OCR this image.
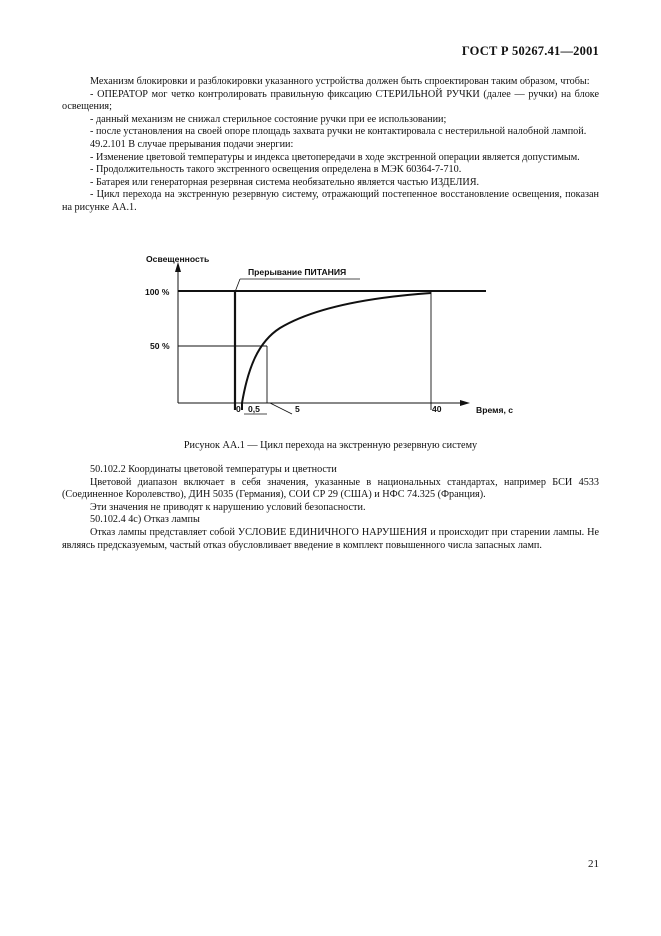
ГОСТ Р 50267.41—2001

Механизм блокировки и разблокировки указанного устройства должен быть спроектирован таким образом, чтобы:

- ОПЕРАТОР мог четко контролировать правильную фиксацию СТЕРИЛЬНОЙ РУЧКИ (далее — ручки) на блоке освещения;

- данный механизм не снижал стерильное состояние ручки при ее использовании;

- после установления на своей опоре площадь захвата ручки не контактировала с нестерильной налобной лампой.

49.2.101 В случае прерывания подачи энергии:

- Изменение цветовой температуры и индекса цветопередачи в ходе экстренной операции является допустимым.

- Продолжительность такого экстренного освещения определена в МЭК 60364-7-710.

- Батарея или генераторная резервная система необязательно является частью ИЗДЕЛИЯ.

- Цикл перехода на экстренную резервную систему, отражающий постепенное восстановление освещения, показан на рисунке АА.1.

Освещенность
Время, с
Прерывание ПИТАНИЯ
100 %
50 %
0 0,5	5	40
Рисунок АА.1 — Цикл перехода на экстренную резервную систему

50.102.2 Координаты цветовой температуры и цветности

Цветовой диапазон включает в себя значения, указанные в национальных стандартах, например БСИ 4533 (Соединенное Королевство), ДИН 5035 (Германия), СОИ СР 29 (США) и НФС 74.325 (Франция).

Эти значения не приводят к нарушению условий безопасности.

50.102.4 4с) Отказ лампы

Отказ лампы представляет собой УСЛОВИЕ ЕДИНИЧНОГО НАРУШЕНИЯ и происходит при старении лампы. Не являясь предсказуемым, частый отказ обусловливает введение в комплект повышенного числа запасных ламп.

21
